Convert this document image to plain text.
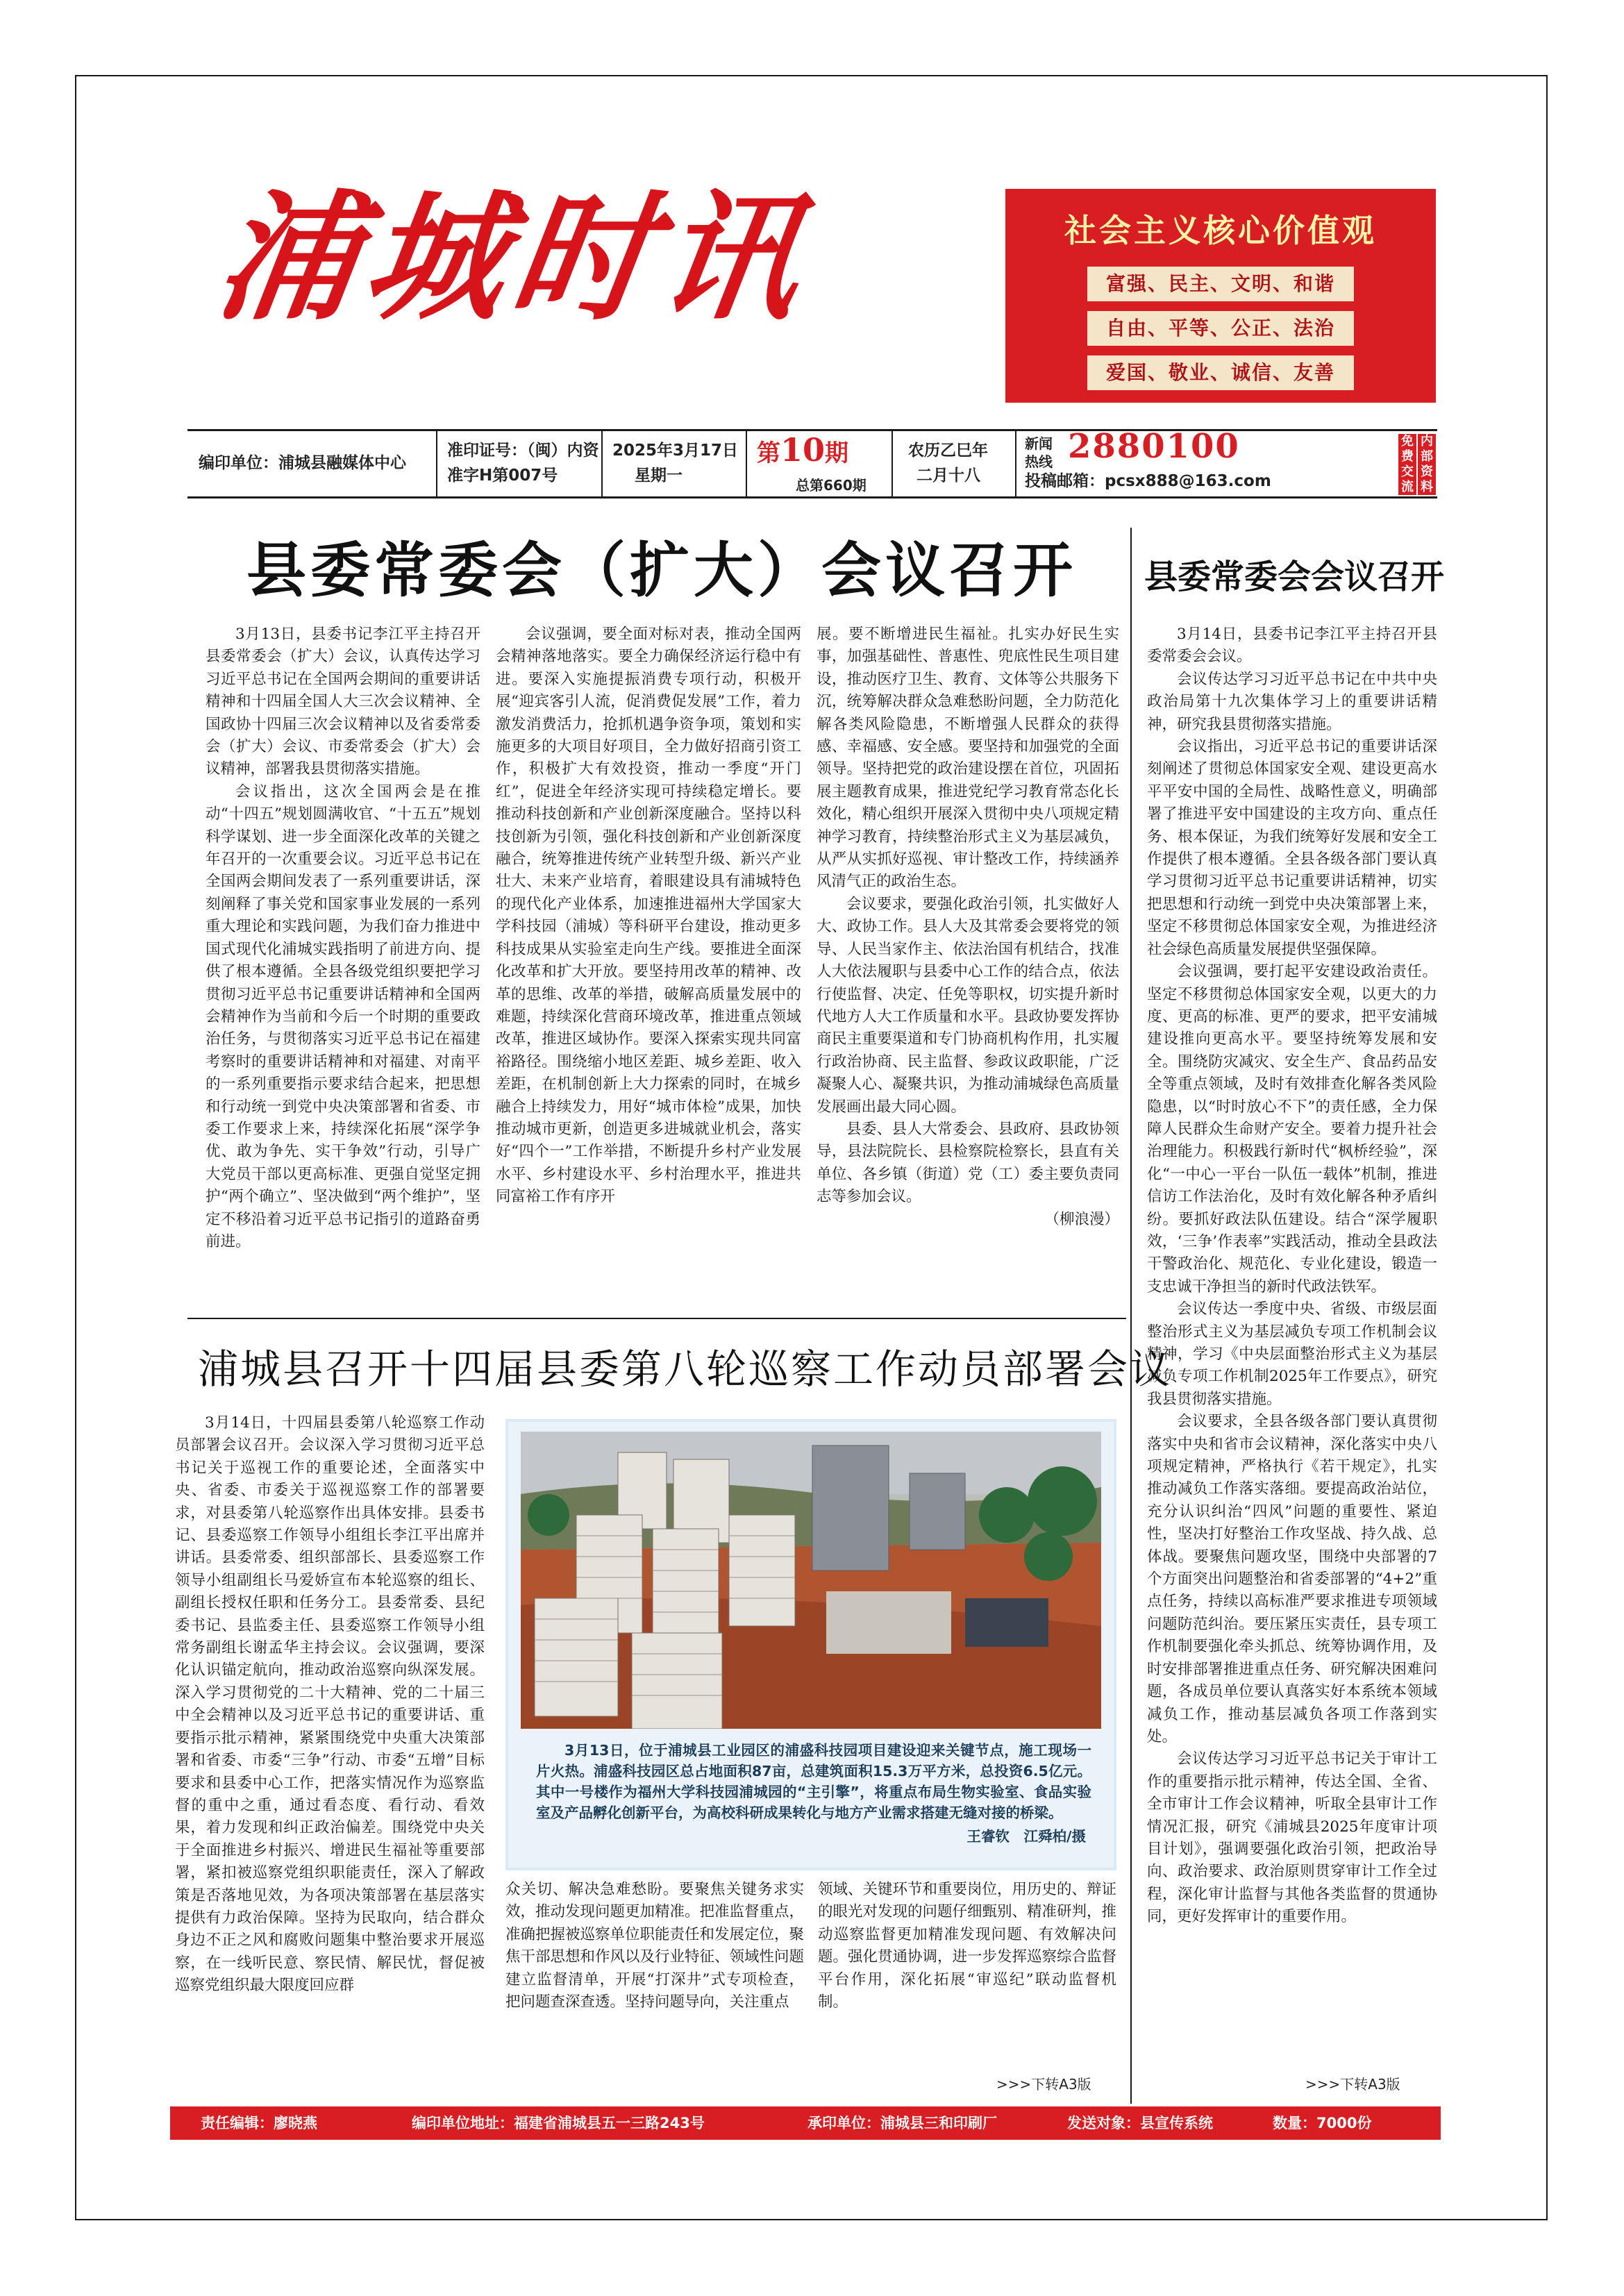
浦城时讯	社会主义核心价值观
富强、民主、文明、和谐
自由、平等、公正、法治
爱国、敬业、诚信、友善
编印单位：浦城县融媒体中心
准印证号：（闽）内资
准字H第007号
2025年3月17日
星期一
第10期
总第660期
农历乙巳年
二月十八
新闻
热线 2880100
投稿邮箱：pcsx888@163.com
免费交流
内部资料
县委常委会（扩大）会议召开 县委常委会会议召开

3月13日，县委书记李江平主持召开县委常委会（扩大）会议，认真传达学习习近平总书记在全国两会期间的重要讲话精神和十四届全国人大三次会议精神、全国政协十四届三次会议精神以及省委常委会（扩大）会议、市委常委会（扩大）会议精神，部署我县贯彻落实措施。

会议指出，这次全国两会是在推动“十四五”规划圆满收官、“十五五”规划科学谋划、进一步全面深化改革的关键之年召开的一次重要会议。习近平总书记在全国两会期间发表了一系列重要讲话，深刻阐释了事关党和国家事业发展的一系列重大理论和实践问题，为我们奋力推进中国式现代化浦城实践指明了前进方向、提供了根本遵循。全县各级党组织要把学习贯彻习近平总书记重要讲话精神和全国两会精神作为当前和今后一个时期的重要政治任务，与贯彻落实习近平总书记在福建考察时的重要讲话精神和对福建、对南平的一系列重要指示要求结合起来，把思想和行动统一到党中央决策部署和省委、市委工作要求上来，持续深化拓展“深学争优、敢为争先、实干争效”行动，引导广大党员干部以更高标准、更强自觉坚定拥护“两个确立”、坚决做到“两个维护”，坚定不移沿着习近平总书记指引的道路奋勇前进。

会议强调，要全面对标对表，推动全国两会精神落地落实。要全力确保经济运行稳中有进。要深入实施提振消费专项行动，积极开展“迎宾客引人流，促消费促发展”工作，着力激发消费活力，抢抓机遇争资争项，策划和实施更多的大项目好项目，全力做好招商引资工作，积极扩大有效投资，推动一季度“开门红”，促进全年经济实现可持续稳定增长。要推动科技创新和产业创新深度融合。坚持以科技创新为引领，强化科技创新和产业创新深度融合，统筹推进传统产业转型升级、新兴产业壮大、未来产业培育，着眼建设具有浦城特色的现代化产业体系，加速推进福州大学国家大学科技园（浦城）等科研平台建设，推动更多科技成果从实验室走向生产线。要推进全面深化改革和扩大开放。要坚持用改革的精神、改革的思维、改革的举措，破解高质量发展中的难题，持续深化营商环境改革，推进重点领域改革，推进区域协作。要深入探索实现共同富裕路径。围绕缩小地区差距、城乡差距、收入差距，在机制创新上大力探索的同时，在城乡融合上持续发力，用好“城市体检”成果，加快推动城市更新，创造更多进城就业机会，落实好“四个一”工作举措，不断提升乡村产业发展水平、乡村建设水平、乡村治理水平，推进共同富裕工作有序开

展。要不断增进民生福祉。扎实办好民生实事，加强基础性、普惠性、兜底性民生项目建设，推动医疗卫生、教育、文体等公共服务下沉，统筹解决群众急难愁盼问题，全力防范化解各类风险隐患，不断增强人民群众的获得感、幸福感、安全感。要坚持和加强党的全面领导。坚持把党的政治建设摆在首位，巩固拓展主题教育成果，推进党纪学习教育常态化长效化，精心组织开展深入贯彻中央八项规定精神学习教育，持续整治形式主义为基层减负，从严从实抓好巡视、审计整改工作，持续涵养风清气正的政治生态。

会议要求，要强化政治引领，扎实做好人大、政协工作。县人大及其常委会要将党的领导、人民当家作主、依法治国有机结合，找准人大依法履职与县委中心工作的结合点，依法行使监督、决定、任免等职权，切实提升新时代地方人大工作质量和水平。县政协要发挥协商民主重要渠道和专门协商机构作用，扎实履行政治协商、民主监督、参政议政职能，广泛凝聚人心、凝聚共识，为推动浦城绿色高质量发展画出最大同心圆。

县委、县人大常委会、县政府、县政协领导，县法院院长、县检察院检察长，县直有关单位、各乡镇（街道）党（工）委主要负责同志等参加会议。

（柳浪漫）

3月14日，县委书记李江平主持召开县委常委会会议。

会议传达学习习近平总书记在中共中央政治局第十九次集体学习上的重要讲话精神，研究我县贯彻落实措施。

会议指出，习近平总书记的重要讲话深刻阐述了贯彻总体国家安全观、建设更高水平平安中国的全局性、战略性意义，明确部署了推进平安中国建设的主攻方向、重点任务、根本保证，为我们统筹好发展和安全工作提供了根本遵循。全县各级各部门要认真学习贯彻习近平总书记重要讲话精神，切实把思想和行动统一到党中央决策部署上来，坚定不移贯彻总体国家安全观，为推进经济社会绿色高质量发展提供坚强保障。

会议强调，要打起平安建设政治责任。坚定不移贯彻总体国家安全观，以更大的力度、更高的标准、更严的要求，把平安浦城建设推向更高水平。要坚持统筹发展和安全。围绕防灾减灾、安全生产、食品药品安全等重点领域，及时有效排查化解各类风险隐患，以“时时放心不下”的责任感，全力保障人民群众生命财产安全。要着力提升社会治理能力。积极践行新时代“枫桥经验”，深化“一中心一平台一队伍一载体”机制，推进信访工作法治化，及时有效化解各种矛盾纠纷。要抓好政法队伍建设。结合“深学履职效，‘三争’作表率”实践活动，推动全县政法干警政治化、规范化、专业化建设，锻造一支忠诚干净担当的新时代政法铁军。

会议传达一季度中央、省级、市级层面整治形式主义为基层减负专项工作机制会议精神，学习《中央层面整治形式主义为基层减负专项工作机制2025年工作要点》，研究我县贯彻落实措施。

会议要求，全县各级各部门要认真贯彻落实中央和省市会议精神，深化落实中央八项规定精神，严格执行《若干规定》，扎实推动减负工作落实落细。要提高政治站位，充分认识纠治“四风”问题的重要性、紧迫性，坚决打好整治工作攻坚战、持久战、总体战。要聚焦问题攻坚，围绕中央部署的7个方面突出问题整治和省委部署的“4+2”重点任务，持续以高标准严要求推进专项领域问题防范纠治。要压紧压实责任，县专项工作机制要强化牵头抓总、统筹协调作用，及时安排部署推进重点任务、研究解决困难问题，各成员单位要认真落实好本系统本领域减负工作，推动基层减负各项工作落到实处。

会议传达学习习近平总书记关于审计工作的重要指示批示精神，传达全国、全省、全市审计工作会议精神，听取全县审计工作情况汇报，研究《浦城县2025年度审计项目计划》，强调要强化政治引领，把政治导向、政治要求、政治原则贯穿审计工作全过程，深化审计监督与其他各类监督的贯通协同，更好发挥审计的重要作用。

>>>下转A3版
浦城县召开十四届县委第八轮巡察工作动员部署会议

3月14日，十四届县委第八轮巡察工作动员部署会议召开。会议深入学习贯彻习近平总书记关于巡视工作的重要论述，全面落实中央、省委、市委关于巡视巡察工作的部署要求，对县委第八轮巡察作出具体安排。县委书记、县委巡察工作领导小组组长李江平出席并讲话。县委常委、组织部部长、县委巡察工作领导小组副组长马爱娇宣布本轮巡察的组长、副组长授权任职和任务分工。县委常委、县纪委书记、县监委主任、县委巡察工作领导小组常务副组长谢孟华主持会议。会议强调，要深化认识锚定航向，推动政治巡察向纵深发展。深入学习贯彻党的二十大精神、党的二十届三中全会精神以及习近平总书记的重要讲话、重要指示批示精神，紧紧围绕党中央重大决策部署和省委、市委“三争”行动、市委“五增”目标要求和县委中心工作，把落实情况作为巡察监督的重中之重，通过看态度、看行动、看效果，着力发现和纠正政治偏差。围绕党中央关于全面推进乡村振兴、增进民生福祉等重要部署，紧扣被巡察党组织职能责任，深入了解政策是否落地见效，为各项决策部署在基层落实提供有力政治保障。坚持为民取向，结合群众身边不正之风和腐败问题集中整治要求开展巡察，在一线听民意、察民情、解民忧，督促被巡察党组织最大限度回应群

众关切、解决急难愁盼。要聚焦关键务求实效，推动发现问题更加精准。把准监督重点，准确把握被巡察单位职能责任和发展定位，聚焦干部思想和作风以及行业特征、领域性问题建立监督清单，开展“打深井”式专项检查，把问题查深查透。坚持问题导向，关注重点

领域、关键环节和重要岗位，用历史的、辩证的眼光对发现的问题仔细甄别、精准研判，推动巡察监督更加精准发现问题、有效解决问题。强化贯通协调，进一步发挥巡察综合监督平台作用，深化拓展“审巡纪”联动监督机制。

>>>下转A3版
3月13日，位于浦城县工业园区的浦盛科技园项目建设迎来关键节点，施工现场一片火热。浦盛科技园区总占地面积87亩，总建筑面积15.3万平方米，总投资6.5亿元。其中一号楼作为福州大学科技园浦城园的“主引擎”，将重点布局生物实验室、食品实验室及产品孵化创新平台，为高校科研成果转化与地方产业需求搭建无缝对接的桥梁。
王睿钦　江舜柏/摄
责任编辑：廖晓燕	编印单位地址：福建省浦城县五一三路243号	承印单位：浦城县三和印刷厂	发送对象：县宣传系统	数量：7000份
